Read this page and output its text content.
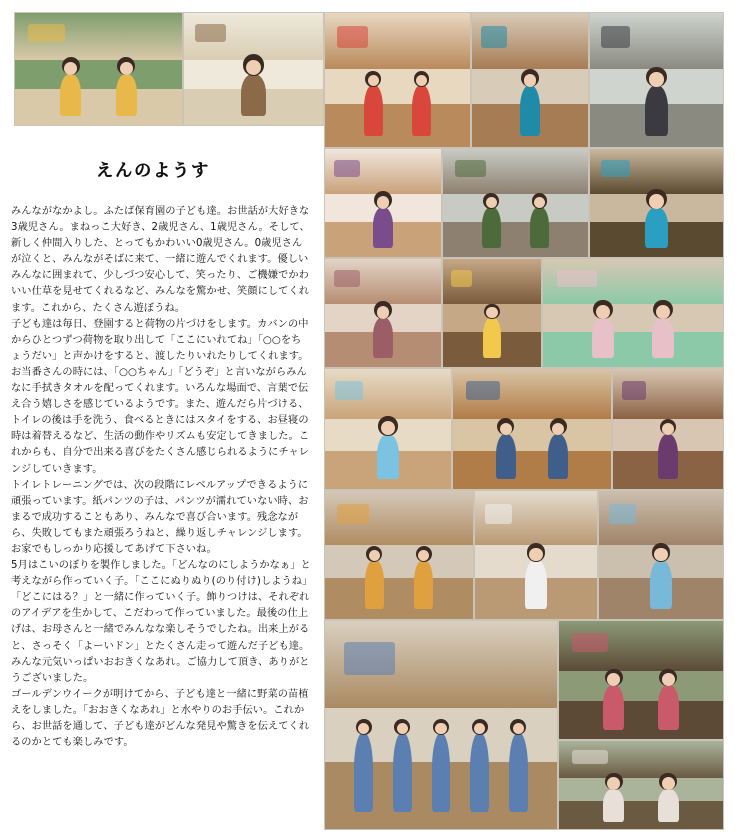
えんのようす

みんながなかよし。ふたば保育園の子ども達。お世話が大好きな3歳児さん。まねっこ大好き、2歳児さん、1歳児さん。そして、新しく仲間入りした、とってもかわいい0歳児さん。0歳児さんが泣くと、みんながそばに来て、一緒に遊んでくれます。優しいみんなに囲まれて、少しづつ安心して、笑ったり、ご機嫌でかわいい仕草を見せてくれるなど、みんなを驚かせ、笑顔にしてくれます。これから、たくさん遊ぼうね。

子ども達は毎日、登園すると荷物の片づけをします。カバンの中からひとつずつ荷物を取り出して「ここにいれてね」「○○をちょうだい」と声かけをすると、渡したりいれたりしてくれます。お当番さんの時には、「○○ちゃん」「どうぞ」と言いながらみんなに手拭きタオルを配ってくれます。いろんな場面で、言葉で伝え合う嬉しさを感じているようです。また、遊んだら片づける、トイレの後は手を洗う、食べるときにはスタイをする、お昼寝の時は着替えるなど、生活の動作やリズムも安定してきました。これからも、自分で出来る喜びをたくさん感じられるようにチャレンジしていきます。

トイレトレーニングでは、次の段階にレベルアップできるように頑張っています。紙パンツの子は、パンツが濡れていない時、おまるで成功することもあり、みんなで喜び合います。残念ながら、失敗してもまた頑張ろうねと、繰り返しチャレンジします。お家でもしっかり応援してあげて下さいね。

5月はこいのぼりを製作しました。「どんなのにしようかなぁ」と考えながら作っていく子。「ここにぬりぬり(のり付け)しようね」「どこにはる？」と一緒に作っていく子。飾りつけは、それぞれのアイデアを生かして、こだわって作っていました。最後の仕上げは、お母さんと一緒でみんなな楽しそうでしたね。出来上がると、さっそく「よーいドン」とたくさん走って遊んだ子ども達。みんな元気いっぱいおおきくなあれ。ご協力して頂き、ありがとうございました。

ゴールデンウイークが明けてから、子ども達と一緒に野菜の苗植えをしました。「おおきくなあれ」と水やりのお手伝い。これから、お世話を通して、子ども達がどんな発見や驚きを伝えてくれるのかとても楽しみです。
